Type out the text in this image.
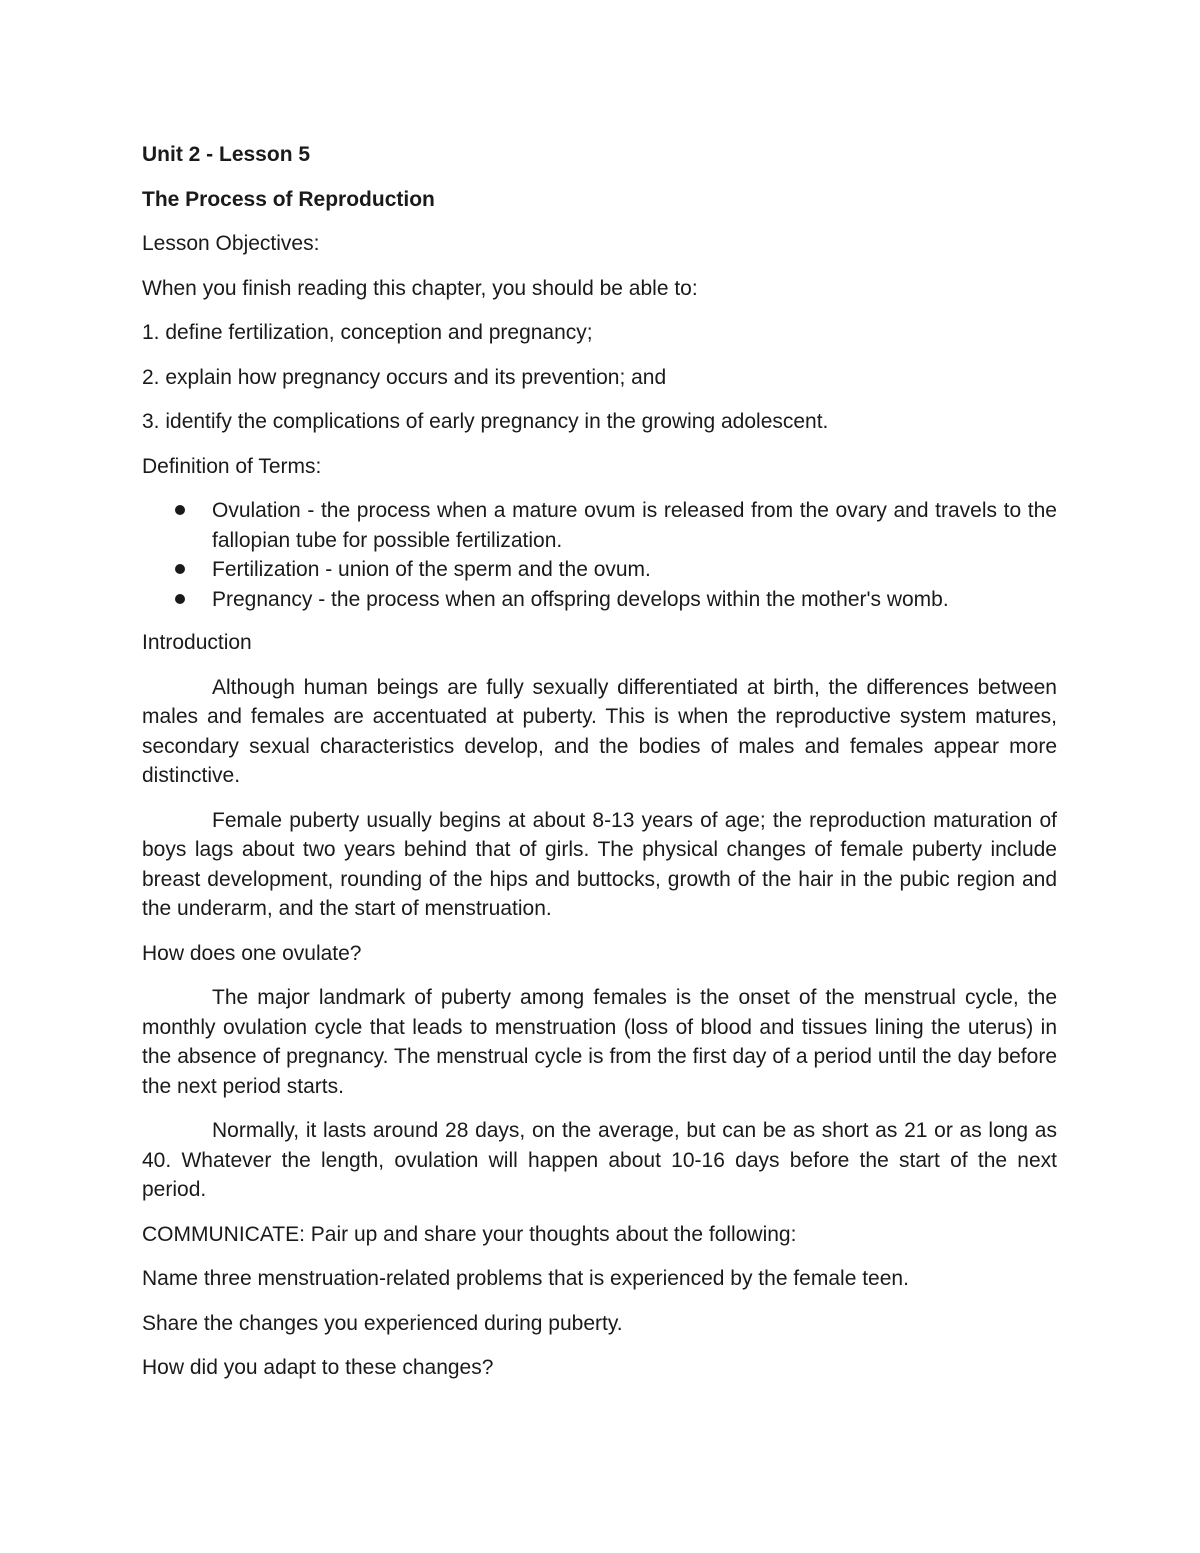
Unit 2 - Lesson 5

The Process of Reproduction

Lesson Objectives:

When you finish reading this chapter, you should be able to:

1. define fertilization, conception and pregnancy;

2. explain how pregnancy occurs and its prevention; and

3. identify the complications of early pregnancy in the growing adolescent.

Definition of Terms:

Ovulation - the process when a mature ovum is released from the ovary and travels to the fallopian tube for possible fertilization.
Fertilization - union of the sperm and the ovum.
Pregnancy - the process when an offspring develops within the mother's womb.

Introduction

Although human beings are fully sexually differentiated at birth, the differences between males and females are accentuated at puberty. This is when the reproductive system matures, secondary sexual characteristics develop, and the bodies of males and females appear more distinctive.

Female puberty usually begins at about 8-13 years of age; the reproduction maturation of boys lags about two years behind that of girls. The physical changes of female puberty include breast development, rounding of the hips and buttocks, growth of the hair in the pubic region and the underarm, and the start of menstruation.

How does one ovulate?

The major landmark of puberty among females is the onset of the menstrual cycle, the monthly ovulation cycle that leads to menstruation (loss of blood and tissues lining the uterus) in the absence of pregnancy. The menstrual cycle is from the first day of a period until the day before the next period starts.

Normally, it lasts around 28 days, on the average, but can be as short as 21 or as long as 40. Whatever the length, ovulation will happen about 10-16 days before the start of the next period.

COMMUNICATE: Pair up and share your thoughts about the following:

Name three menstruation-related problems that is experienced by the female teen.

Share the changes you experienced during puberty.

How did you adapt to these changes?
